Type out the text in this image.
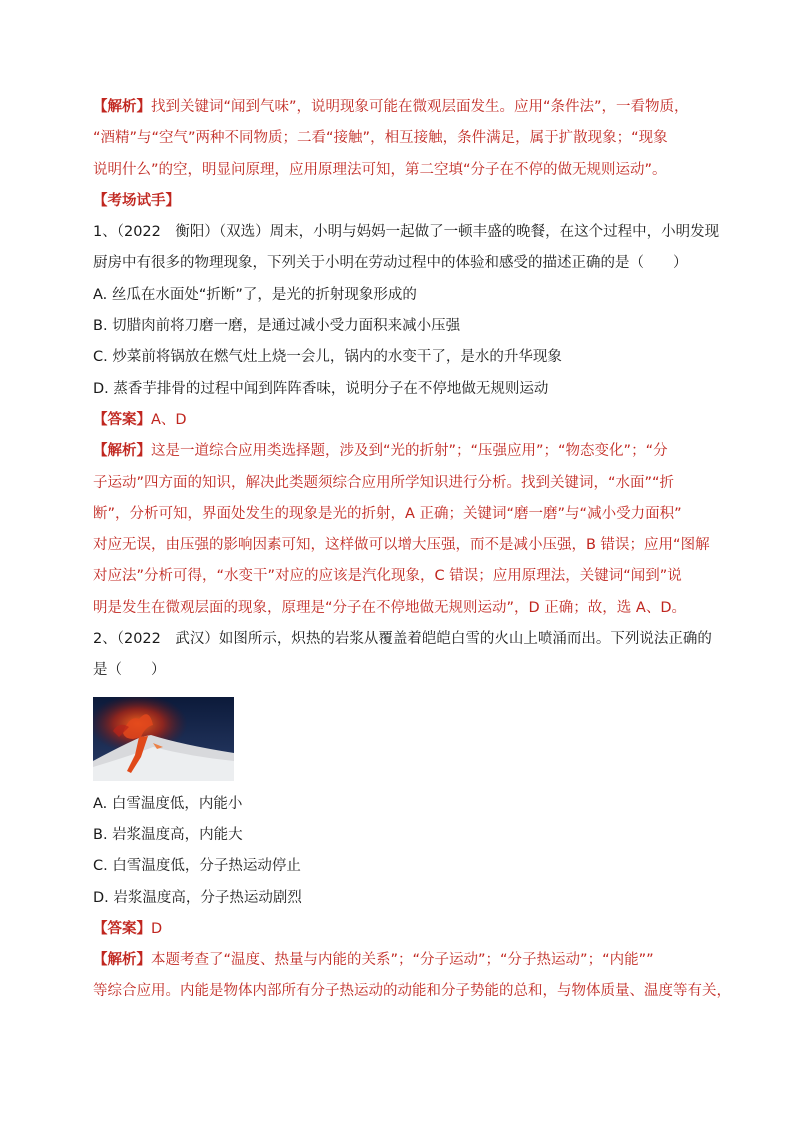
【解析】找到关键词“闻到气味”，说明现象可能在微观层面发生。应用“条件法”，一看物质，
“酒精”与“空气”两种不同物质；二看“接触”，相互接触，条件满足，属于扩散现象；“现象
说明什么”的空，明显问原理，应用原理法可知，第二空填“分子在不停的做无规则运动”。
【考场试手】
1、（2022　衡阳）（双选）周末，小明与妈妈一起做了一顿丰盛的晚餐，在这个过程中，小明发现
厨房中有很多的物理现象，下列关于小明在劳动过程中的体验和感受的描述正确的是（　　）
A. 丝瓜在水面处“折断”了，是光的折射现象形成的
B. 切腊肉前将刀磨一磨，是通过减小受力面积来减小压强
C. 炒菜前将锅放在燃气灶上烧一会儿，锅内的水变干了，是水的升华现象
D. 蒸香芋排骨的过程中闻到阵阵香味，说明分子在不停地做无规则运动
【答案】A、D
【解析】这是一道综合应用类选择题，涉及到“光的折射”；“压强应用”；“物态变化”；“分
子运动”四方面的知识，解决此类题须综合应用所学知识进行分析。找到关键词，“水面”“折
断”，分析可知，界面处发生的现象是光的折射，A 正确；关键词“磨一磨”与“减小受力面积”
对应无误，由压强的影响因素可知，这样做可以增大压强，而不是减小压强，B 错误；应用“图解
对应法”分析可得，“水变干”对应的应该是汽化现象，C 错误；应用原理法，关键词“闻到”说
明是发生在微观层面的现象，原理是“分子在不停地做无规则运动”，D 正确；故，选 A、D。
2、（2022　武汉）如图所示，炽热的岩浆从覆盖着皑皑白雪的火山上喷涌而出。下列说法正确的
是（　　）
A. 白雪温度低，内能小
B. 岩浆温度高，内能大
C. 白雪温度低，分子热运动停止
D. 岩浆温度高，分子热运动剧烈
【答案】D
【解析】本题考查了“温度、热量与内能的关系”；“分子运动”；“分子热运动”；“内能””
等综合应用。内能是物体内部所有分子热运动的动能和分子势能的总和，与物体质量、温度等有关，
